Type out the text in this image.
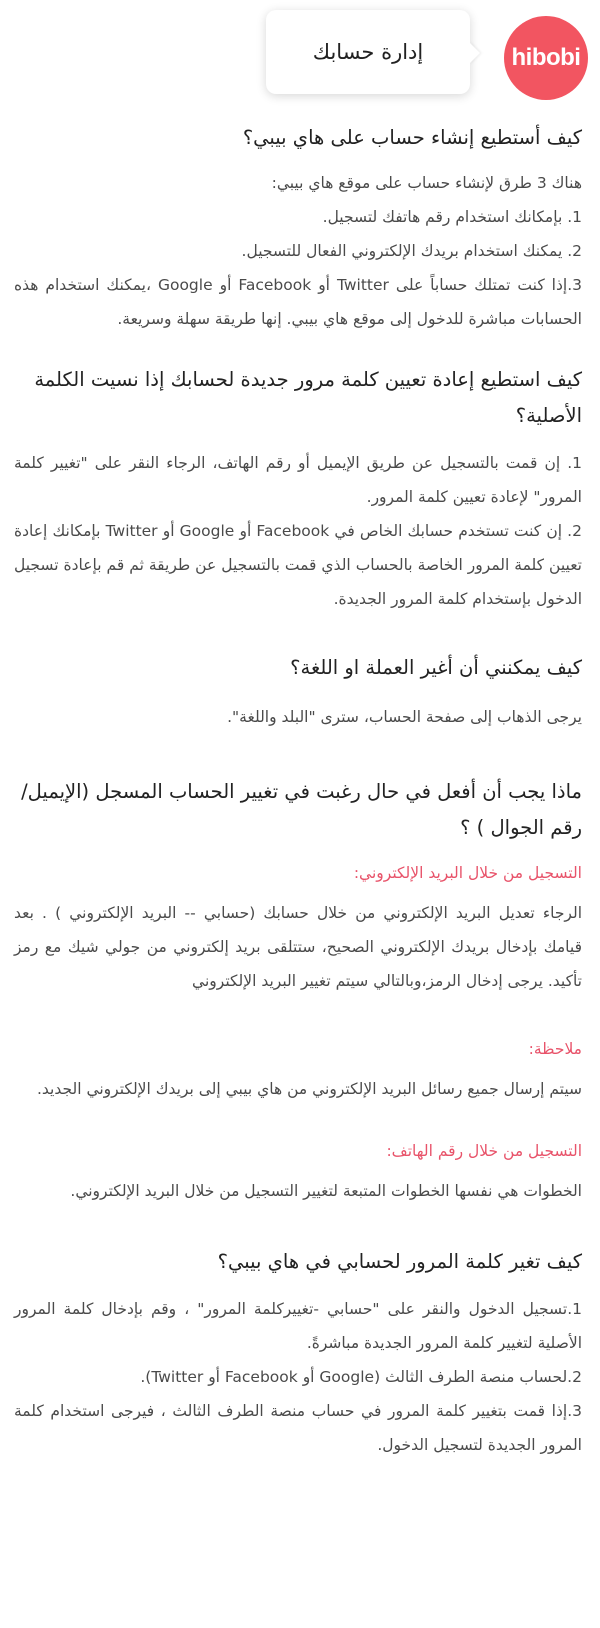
hibobi
إدارة حسابك
كيف أستطيع إنشاء حساب على هاي بيبي؟

هناك 3 طرق لإنشاء حساب على موقع هاي بيبي:

1. بإمكانك استخدام رقم هاتفك لتسجيل.

2. يمكنك استخدام بريدك الإلكتروني الفعال للتسجيل.

3.إذا كنت تمتلك حساباً على Twitter أو Facebook أو Google ،يمكنك استخدام هذه الحسابات مباشرة للدخول إلى موقع هاي بيبي. إنها طريقة سهلة وسريعة.

كيف استطيع إعادة تعيين كلمة مرور جديدة لحسابك إذا نسيت الكلمة الأصلية؟

1. إن قمت بالتسجيل عن طريق الإيميل أو رقم الهاتف، الرجاء النقر على "تغيير كلمة المرور" لإعادة تعيين كلمة المرور.

2. إن كنت تستخدم حسابك الخاص في Facebook أو Google أو Twitter بإمكانك إعادة تعيين كلمة المرور الخاصة بالحساب الذي قمت بالتسجيل عن طريقة ثم قم بإعادة تسجيل الدخول بإستخدام كلمة المرور الجديدة.

كيف يمكنني أن أغير العملة او اللغة؟

يرجى الذهاب إلى صفحة الحساب، سترى "البلد واللغة".

ماذا يجب أن أفعل في حال رغبت في تغيير الحساب المسجل (الإيميل/رقم الجوال ) ؟

التسجيل من خلال البريد الإلكتروني:

الرجاء تعديل البريد الإلكتروني من خلال حسابك (حسابي -- البريد الإلكتروني ) . بعد قيامك بإدخال بريدك الإلكتروني الصحيح، ستتلقى بريد إلكتروني من جولي شيك مع رمز تأكيد. يرجى إدخال الرمز،وبالتالي سيتم تغيير البريد الإلكتروني

ملاحظة:

سيتم إرسال جميع رسائل البريد الإلكتروني من هاي بيبي إلى بريدك الإلكتروني الجديد.

التسجيل من خلال رقم الهاتف:

الخطوات هي نفسها الخطوات المتبعة لتغيير التسجيل من خلال البريد الإلكتروني.

كيف تغير كلمة المرور لحسابي في هاي بيبي؟

1.تسجيل الدخول والنقر على "حسابي -تغييركلمة المرور" ، وقم بإدخال كلمة المرور الأصلية لتغيير كلمة المرور الجديدة مباشرةً.

2.لحساب منصة الطرف الثالث (Google أو Facebook أو Twitter).

3.إذا قمت بتغيير كلمة المرور في حساب منصة الطرف الثالث ، فيرجى استخدام كلمة المرور الجديدة لتسجيل الدخول.
